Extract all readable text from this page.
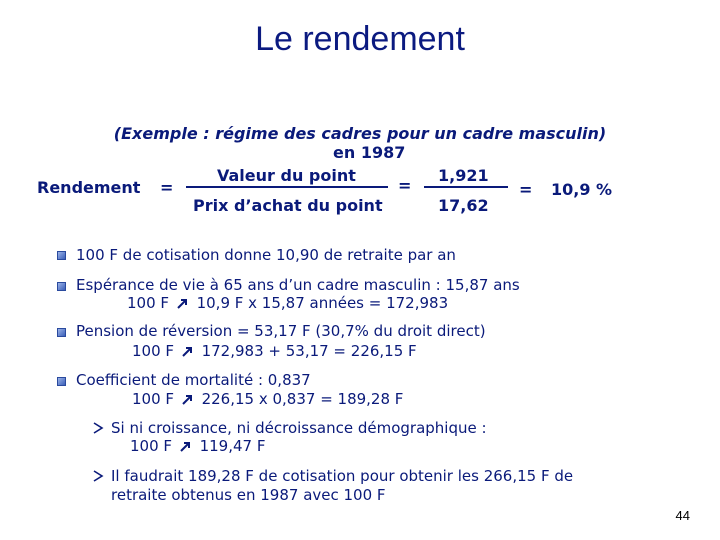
Le rendement
(Exemple : régime des cadres pour un cadre masculin)
en 1987
Rendement =
Valeur du point
Prix d’achat du point
=
1,921
17,62
= 10,9 %
100 F de cotisation donne 10,90 de retraite par an
Espérance de vie à 65 ans d’un cadre masculin : 15,87 ans
100 F 10,9 F x 15,87 années = 172,983
Pension de réversion = 53,17 F (30,7% du droit direct)
100 F 172,983 + 53,17 = 226,15 F
Coefficient de mortalité : 0,837
100 F 226,15 x 0,837 = 189,28 F
Si ni croissance, ni décroissance démographique :
100 F 119,47 F
Il faudrait 189,28 F de cotisation pour obtenir les 266,15 F de
retraite obtenus en 1987 avec 100 F
44
